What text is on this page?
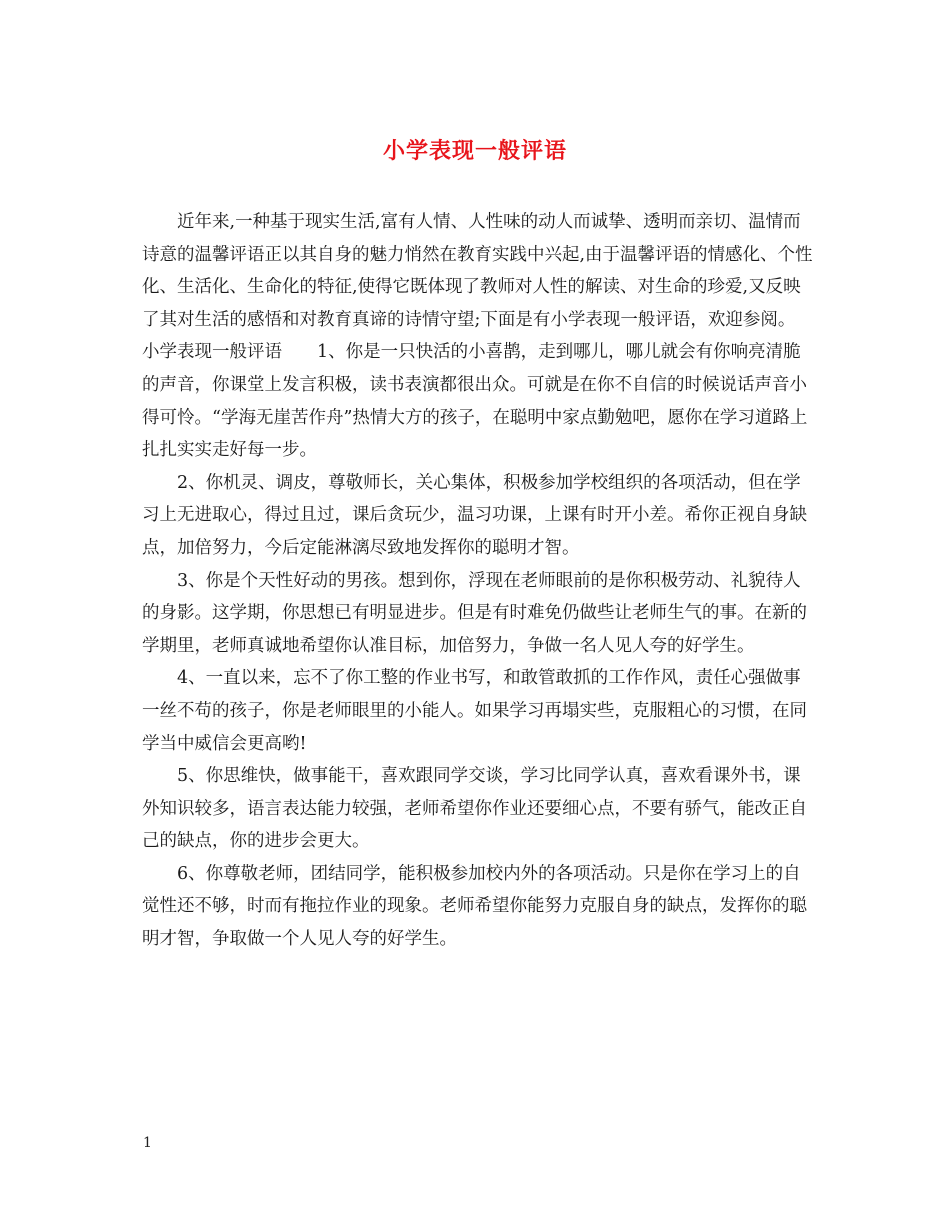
小学表现一般评语

近年来,一种基于现实生活,富有人情、人性味的动人而诚挚、透明而亲切、温情而诗意的温馨评语正以其自身的魅力悄然在教育实践中兴起,由于温馨评语的情感化、个性化、生活化、生命化的特征,使得它既体现了教师对人性的解读、对生命的珍爱,又反映了其对生活的感悟和对教育真谛的诗情守望;下面是有小学表现一般评语，欢迎参阅。

小学表现一般评语　　1、你是一只快活的小喜鹊，走到哪儿，哪儿就会有你响亮清脆的声音，你课堂上发言积极，读书表演都很出众。可就是在你不自信的时候说话声音小得可怜。“学海无崖苦作舟”热情大方的孩子，在聪明中家点勤勉吧，愿你在学习道路上扎扎实实走好每一步。

2、你机灵、调皮，尊敬师长，关心集体，积极参加学校组织的各项活动，但在学习上无进取心，得过且过，课后贪玩少，温习功课，上课有时开小差。希你正视自身缺点，加倍努力，今后定能淋漓尽致地发挥你的聪明才智。

3、你是个天性好动的男孩。想到你，浮现在老师眼前的是你积极劳动、礼貌待人的身影。这学期，你思想已有明显进步。但是有时难免仍做些让老师生气的事。在新的学期里，老师真诚地希望你认准目标，加倍努力，争做一名人见人夸的好学生。

4、一直以来，忘不了你工整的作业书写，和敢管敢抓的工作作风，责任心强做事一丝不苟的孩子，你是老师眼里的小能人。如果学习再塌实些，克服粗心的习惯，在同学当中威信会更高哟!

5、你思维快，做事能干，喜欢跟同学交谈，学习比同学认真，喜欢看课外书，课外知识较多，语言表达能力较强，老师希望你作业还要细心点，不要有骄气，能改正自己的缺点，你的进步会更大。

6、你尊敬老师，团结同学，能积极参加校内外的各项活动。只是你在学习上的自觉性还不够，时而有拖拉作业的现象。老师希望你能努力克服自身的缺点，发挥你的聪明才智，争取做一个人见人夸的好学生。

1
